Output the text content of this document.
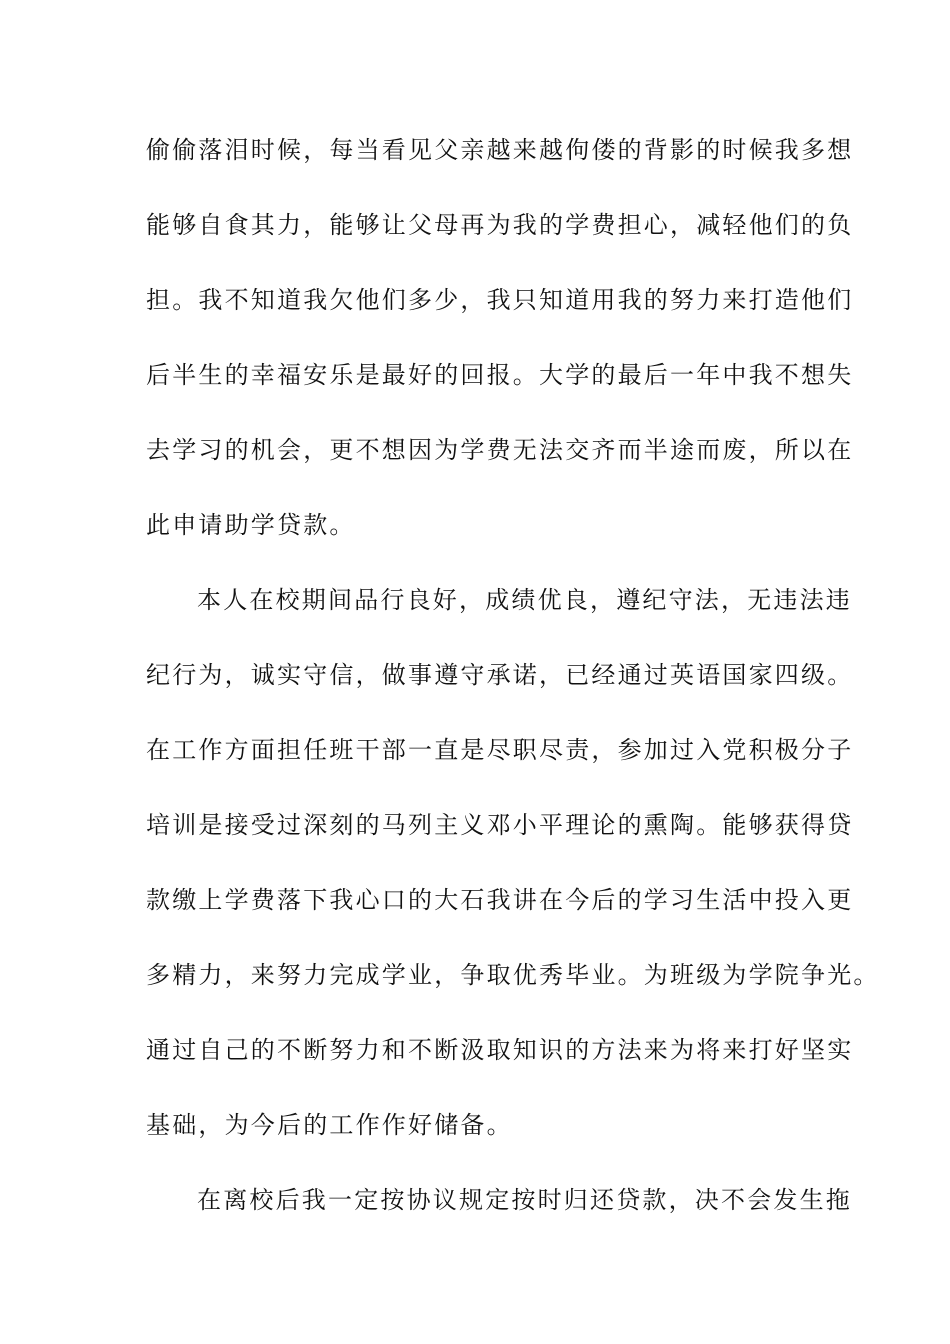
偷偷落泪时候，每当看见父亲越来越佝偻的背影的时候我多想
能够自食其力，能够让父母再为我的学费担心，减轻他们的负
担。我不知道我欠他们多少，我只知道用我的努力来打造他们
后半生的幸福安乐是最好的回报。大学的最后一年中我不想失
去学习的机会，更不想因为学费无法交齐而半途而废，所以在
此申请助学贷款。
本人在校期间品行良好，成绩优良，遵纪守法，无违法违
纪行为，诚实守信，做事遵守承诺，已经通过英语国家四级。
在工作方面担任班干部一直是尽职尽责，参加过入党积极分子
培训是接受过深刻的马列主义邓小平理论的熏陶。能够获得贷
款缴上学费落下我心口的大石我讲在今后的学习生活中投入更
多精力，来努力完成学业，争取优秀毕业。为班级为学院争光。
通过自己的不断努力和不断汲取知识的方法来为将来打好坚实
基础，为今后的工作作好储备。
在离校后我一定按协议规定按时归还贷款，决不会发生拖
